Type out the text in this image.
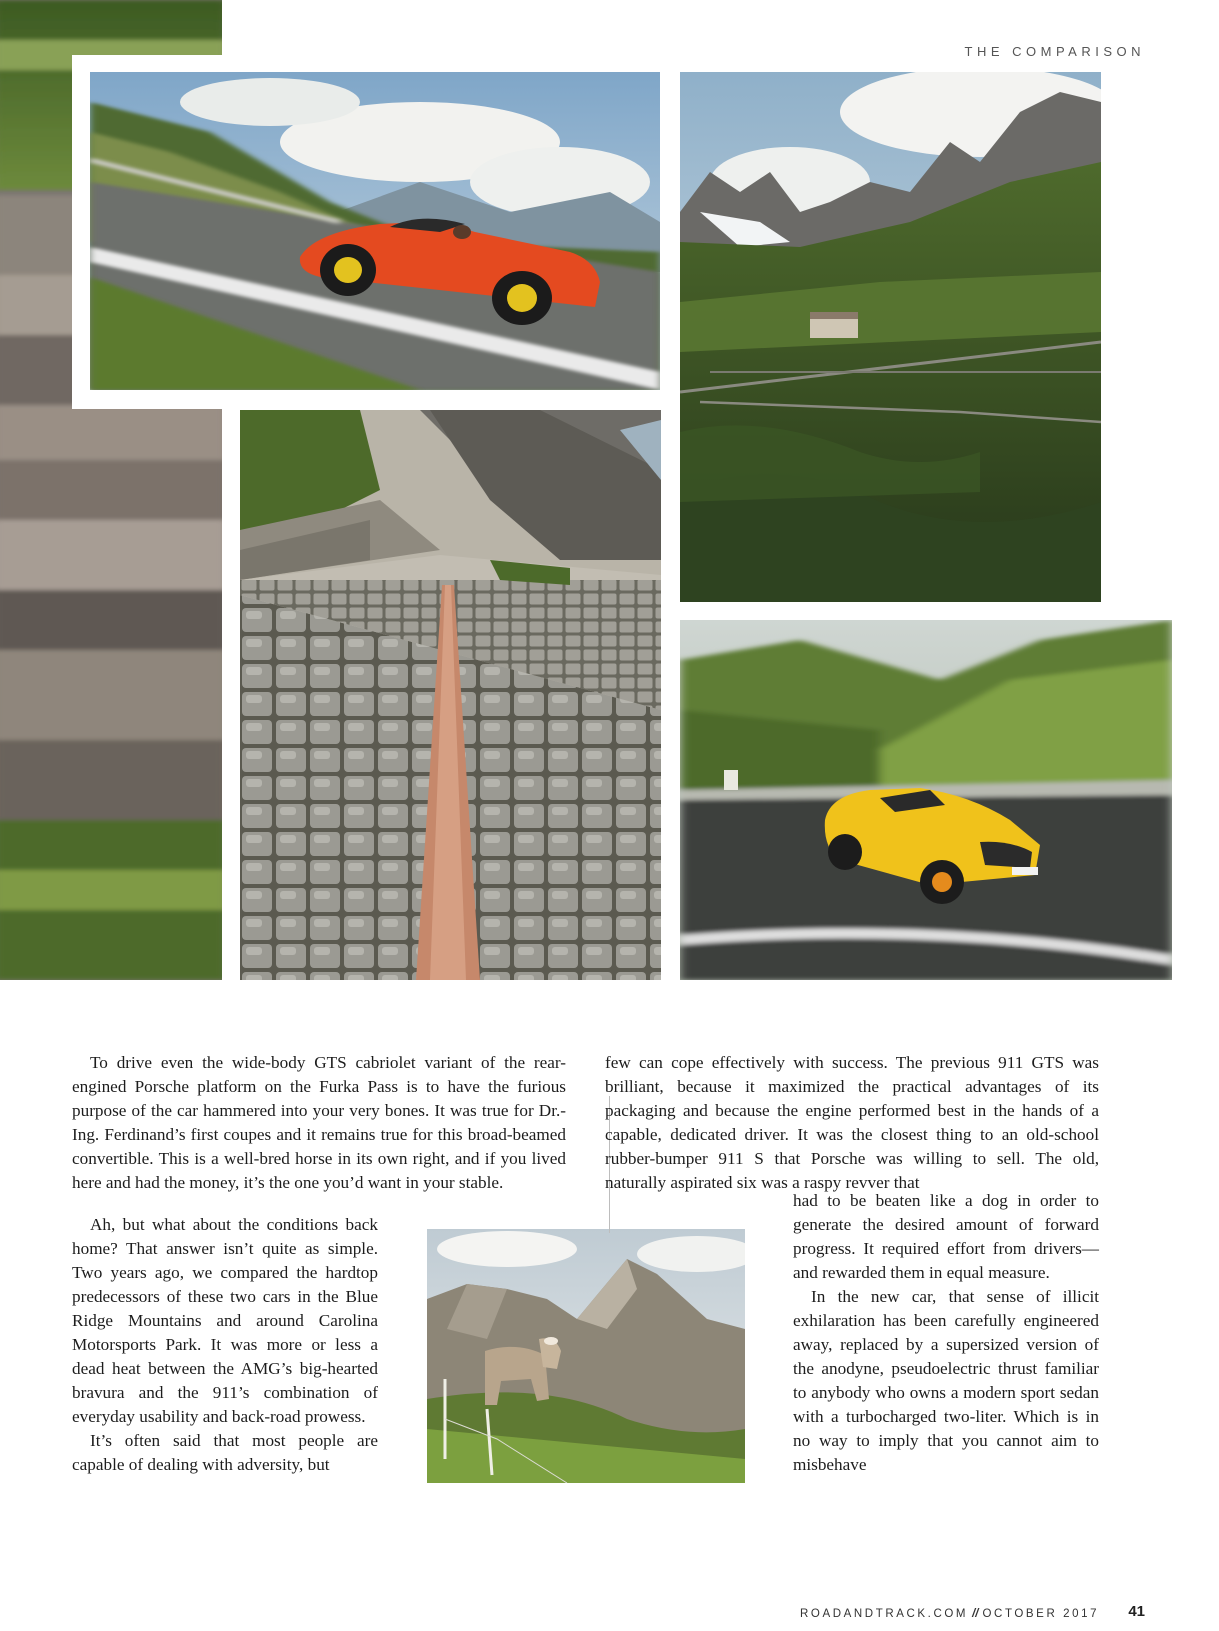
THE COMPARISON

To drive even the wide-body GTS cabriolet variant of the rear-engined Porsche platform on the Furka Pass is to have the furious purpose of the car hammered into your very bones. It was true for Dr.-Ing. Ferdinand’s first coupes and it remains true for this broad-beamed convertible. This is a well-bred horse in its own right, and if you lived here and had the money, it’s the one you’d want in your stable.

Ah, but what about the conditions back home? That answer isn’t quite as simple. Two years ago, we compared the hardtop predecessors of these two cars in the Blue Ridge Mountains and around Carolina Motorsports Park. It was more or less a dead heat between the AMG’s big-hearted bravura and the 911’s combination of everyday usability and back-road prowess.

It’s often said that most people are capable of dealing with adversity, but

few can cope effectively with success. The previous 911 GTS was brilliant, because it maximized the practical advantages of its packaging and because the engine performed best in the hands of a capable, dedicated driver. It was the closest thing to an old-school rubber-bumper 911 S that Porsche was willing to sell. The old, naturally aspirated six was a raspy revver that

had to be beaten like a dog in order to generate the desired amount of forward progress. It required effort from drivers—and rewarded them in equal measure.

In the new car, that sense of illicit exhilaration has been carefully engineered away, replaced by a supersized version of the anodyne, pseudoelectric thrust familiar to anybody who owns a modern sport sedan with a turbocharged two-liter. Which is in no way to imply that you cannot aim to misbehave

ROADANDTRACK.COM // OCTOBER 2017 41
